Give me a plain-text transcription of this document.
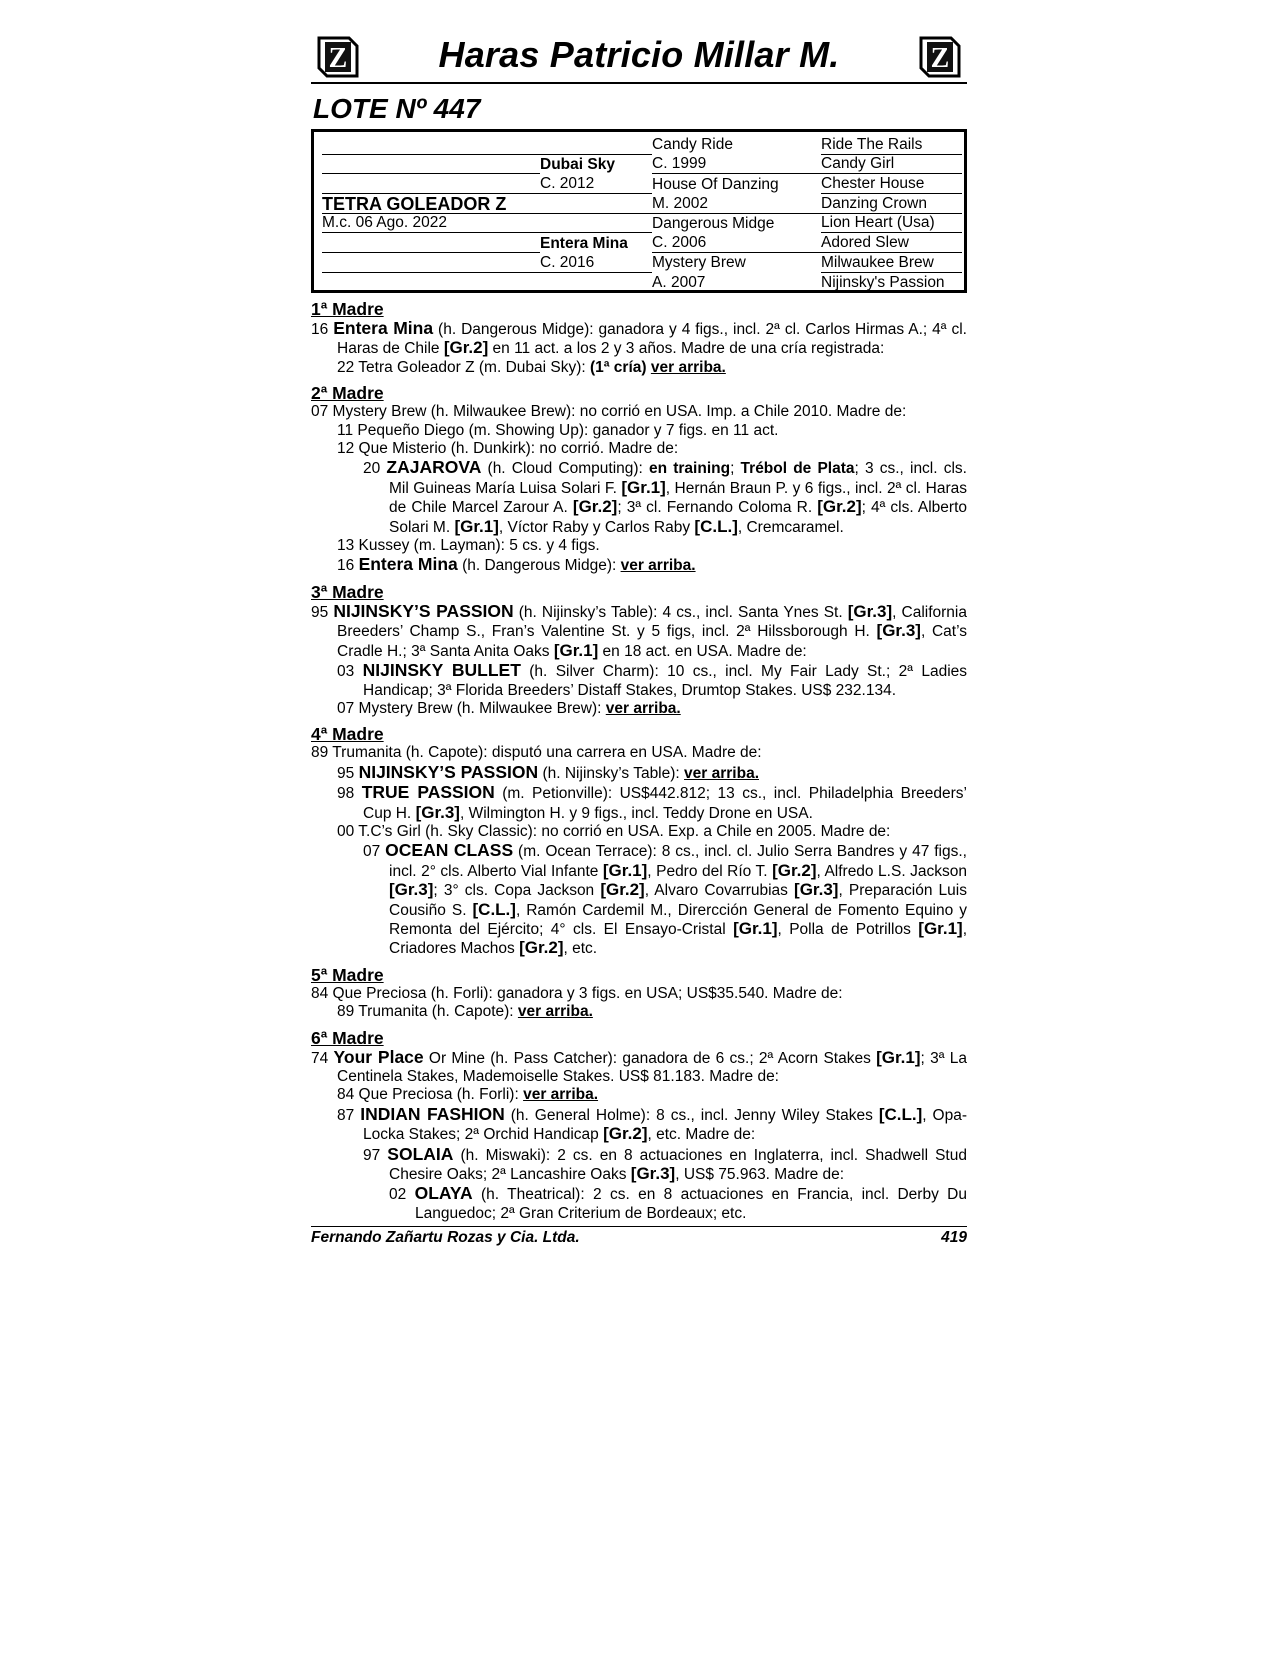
Z	Haras Patricio Millar M.	Z
LOTE Nº 447
		Candy Ride	Ride The Rails
	Dubai Sky	C. 1999	Candy Girl
	C. 2012	House Of Danzing	Chester House
TETRA GOLEADOR Z		M. 2002	Danzing Crown
M.c. 06 Ago. 2022		Dangerous Midge	Lion Heart (Usa)
	Entera Mina	C. 2006	Adored Slew
	C. 2016	Mystery Brew	Milwaukee Brew
		A. 2007	Nijinsky's Passion
1ª Madre
16 Entera Mina (h. Dangerous Midge): ganadora y 4 figs., incl. 2ª cl. Carlos Hirmas A.; 4ª cl. Haras de Chile [Gr.2] en 11 act. a los 2 y 3 años. Madre de una cría registrada:
22 Tetra Goleador Z (m. Dubai Sky): (1ª cría) ver arriba.
2ª Madre
07 Mystery Brew (h. Milwaukee Brew): no corrió en USA. Imp. a Chile 2010. Madre de:
11 Pequeño Diego (m. Showing Up): ganador y 7 figs. en 11 act.
12 Que Misterio (h. Dunkirk): no corrió. Madre de:
20 ZAJAROVA (h. Cloud Computing): en training; Trébol de Plata; 3 cs., incl. cls. Mil Guineas María Luisa Solari F. [Gr.1], Hernán Braun P. y 6 figs., incl. 2ª cl. Haras de Chile Marcel Zarour A. [Gr.2]; 3ª cl. Fernando Coloma R. [Gr.2]; 4ª cls. Alberto Solari M. [Gr.1], Víctor Raby y Carlos Raby [C.L.], Cremcaramel.
13 Kussey (m. Layman): 5 cs. y 4 figs.
16 Entera Mina (h. Dangerous Midge): ver arriba.
3ª Madre
95 NIJINSKY’S PASSION (h. Nijinsky’s Table): 4 cs., incl. Santa Ynes St. [Gr.3], California Breeders’ Champ S., Fran’s Valentine St. y 5 figs, incl. 2ª Hilssborough H. [Gr.3], Cat’s Cradle H.; 3ª Santa Anita Oaks [Gr.1] en 18 act. en USA. Madre de:
03 NIJINSKY BULLET (h. Silver Charm): 10 cs., incl. My Fair Lady St.; 2ª Ladies Handicap; 3ª Florida Breeders’ Distaff Stakes, Drumtop Stakes. US$ 232.134.
07 Mystery Brew (h. Milwaukee Brew): ver arriba.
4ª Madre
89 Trumanita (h. Capote): disputó una carrera en USA. Madre de:
95 NIJINSKY’S PASSION (h. Nijinsky’s Table): ver arriba.
98 TRUE PASSION (m. Petionville): US$442.812; 13 cs., incl. Philadelphia Breeders’ Cup H. [Gr.3], Wilmington H. y 9 figs., incl. Teddy Drone en USA.
00 T.C’s Girl (h. Sky Classic): no corrió en USA. Exp. a Chile en 2005. Madre de:
07 OCEAN CLASS (m. Ocean Terrace): 8 cs., incl. cl. Julio Serra Bandres y 47 figs., incl. 2° cls. Alberto Vial Infante [Gr.1], Pedro del Río T. [Gr.2], Alfredo L.S. Jackson [Gr.3]; 3° cls. Copa Jackson [Gr.2], Alvaro Covarrubias [Gr.3], Preparación Luis Cousiño S. [C.L.], Ramón Cardemil M., Dirercción General de Fomento Equino y Remonta del Ejército; 4° cls. El Ensayo-Cristal [Gr.1], Polla de Potrillos [Gr.1], Criadores Machos [Gr.2], etc.
5ª Madre
84 Que Preciosa (h. Forli): ganadora y 3 figs. en USA; US$35.540. Madre de:
89 Trumanita (h. Capote): ver arriba.
6ª Madre
74 Your Place Or Mine (h. Pass Catcher): ganadora de 6 cs.; 2ª Acorn Stakes [Gr.1]; 3ª La Centinela Stakes, Mademoiselle Stakes. US$ 81.183. Madre de:
84 Que Preciosa (h. Forli): ver arriba.
87 INDIAN FASHION (h. General Holme): 8 cs., incl. Jenny Wiley Stakes [C.L.], Opa-Locka Stakes; 2ª Orchid Handicap [Gr.2], etc. Madre de:
97 SOLAIA (h. Miswaki): 2 cs. en 8 actuaciones en Inglaterra, incl. Shadwell Stud Chesire Oaks; 2ª Lancashire Oaks [Gr.3], US$ 75.963. Madre de:
02 OLAYA (h. Theatrical): 2 cs. en 8 actuaciones en Francia, incl. Derby Du Languedoc; 2ª Gran Criterium de Bordeaux; etc.
Fernando Zañartu Rozas y Cia. Ltda.	419
